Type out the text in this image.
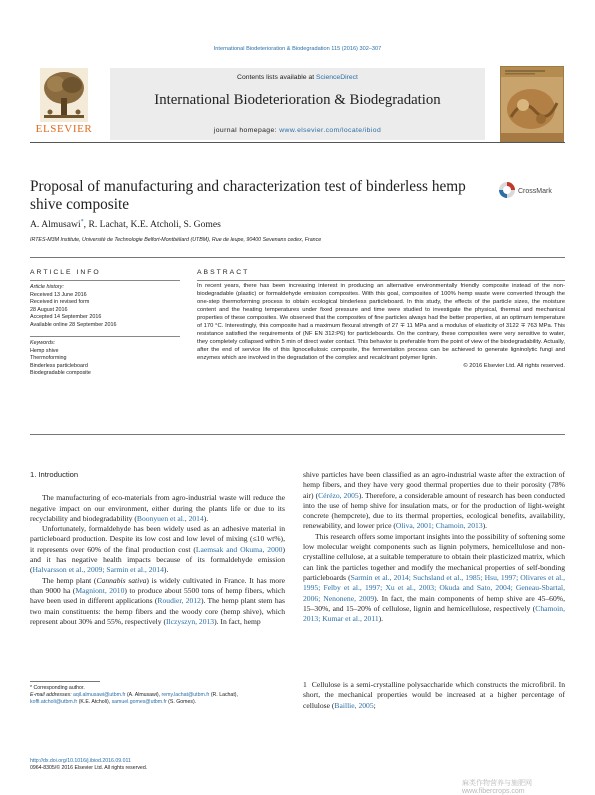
International Biodeterioration & Biodegradation 115 (2016) 302–307
ELSEVIER
Contents lists available at ScienceDirect
International Biodeterioration & Biodegradation
journal homepage: www.elsevier.com/locate/ibiod
Proposal of manufacturing and characterization test of binderless hemp shive composite
CrossMark
A. Almusawi*, R. Lachat, K.E. Atcholi, S. Gomes
IRTES-M3M Institute, Université de Technologie Belfort-Montbéliard (UTBM), Rue de leupe, 90400 Sevenans cedex, France
ARTICLE INFO
Article history:
Received 13 June 2016
Received in revised form
28 August 2016
Accepted 14 September 2016
Available online 28 September 2016
Keywords:
Hemp shive
Thermoforming
Binderless particleboard
Biodegradable composite
ABSTRACT
In recent years, there has been increasing interest in producing an alternative environmentally friendly composite instead of the non-biodegradable (plastic) or formaldehyde emission composites. With this goal, composites of 100% hemp waste were converted through the one-step thermoforming process to obtain ecological binderless particleboard. In this study, the effects of the particle sizes, the moisture content and the heating temperatures under fixed pressure and time were studied to investigate the physical, thermal and mechanical properties of these composites. We observed that the composites of fine particles always had the better properties, at an optimum temperature of 170 °C. Interestingly, this composite had a maximum flexural strength of 27 ∓ 11 MPa and a modulus of elasticity of 3122 ∓ 763 MPa. This resistance satisfied the requirements of (NF EN 312:P6) for particleboards. On the contrary, these composites were very sensitive to water, they completely collapsed within 5 min of direct water contact. This behavior is preferable from the point of view of the biodegradability. Actually, after the end of service life of this lignocellulosic composite, the fermentation process can be achieved to generate ligninolytic fungi and enzymes which are involved in the degradation of the complex and recalcitrant polymer lignin.
© 2016 Elsevier Ltd. All rights reserved.

1. Introduction

The manufacturing of eco-materials from agro-industrial waste will reduce the negative impact on our environment, either during the plants life or due to its recyclability and biodegradability (Boonyuen et al., 2014).

Unfortunately, formaldehyde has been widely used as an adhesive material in particleboard production. Despite its low cost and low level of mixing (≤10 wt%), it represents over 60% of the final production cost (Laemsak and Okuma, 2000) and it has negative health impacts because of its formaldehyde emission (Halvarsson et al., 2009; Sarmin et al., 2014).

The hemp plant (Cannabis sativa) is widely cultivated in France. It has more than 9000 ha (Magniont, 2010) to produce about 5500 tons of hemp fibers, which have been used in different applications (Roudier, 2012). The hemp plant stem has two main constituents: the hemp fibers and the woody core (hemp shive), which represent about 30% and 55%, respectively (Ilczyszyn, 2013). In fact, hemp

shive particles have been classified as an agro-industrial waste after the extraction of hemp fibers, and they have very good thermal properties due to their porosity (78% air) (Cérézo, 2005). Therefore, a considerable amount of research has been conducted into the use of hemp shive for insulation mats, or for the production of light-weight concrete (hempcrete), due to its thermal properties, ecological benefits, availability, renewability, and lower price (Oliva, 2001; Chamoin, 2013).

This research offers some important insights into the possibility of softening some low molecular weight components such as lignin polymers, hemicellulose and non-crystalline cellulose, at a suitable temperature to obtain their plasticized matrix, which can link the particles together and modify the mechanical properties of self-bonding particleboards (Sarmin et al., 2014; Suchsland et al., 1985; Hsu, 1997; Olivares et al., 1995; Felby et al., 1997; Xu et al., 2003; Okuda and Sato, 2004; Geneau-Sbartaï, 2006; Nenonene, 2009). In fact, the main components of hemp shive are 45–60%, 15–30%, and 15–20% of cellulose, lignin and hemicellulose, respectively (Chamoin, 2013; Kumar et al., 2011).

* Corresponding author.
E-mail addresses: aqil.almusawi@utbm.fr (A. Almusawi), remy.lachat@utbm.fr (R. Lachat), koffi.atcholi@utbm.fr (K.E. Atcholi), samuel.gomes@utbm.fr (S. Gomes).
http://dx.doi.org/10.1016/j.ibiod.2016.09.011
0964-8305/© 2016 Elsevier Ltd. All rights reserved.
1 Cellulose is a semi-crystalline polysaccharide which constructs the microfibril. In short, the mechanical properties would be increased at a higher percentage of cellulose (Baillie, 2005;
麻类作物营养与施肥网 www.fibercrops.com
